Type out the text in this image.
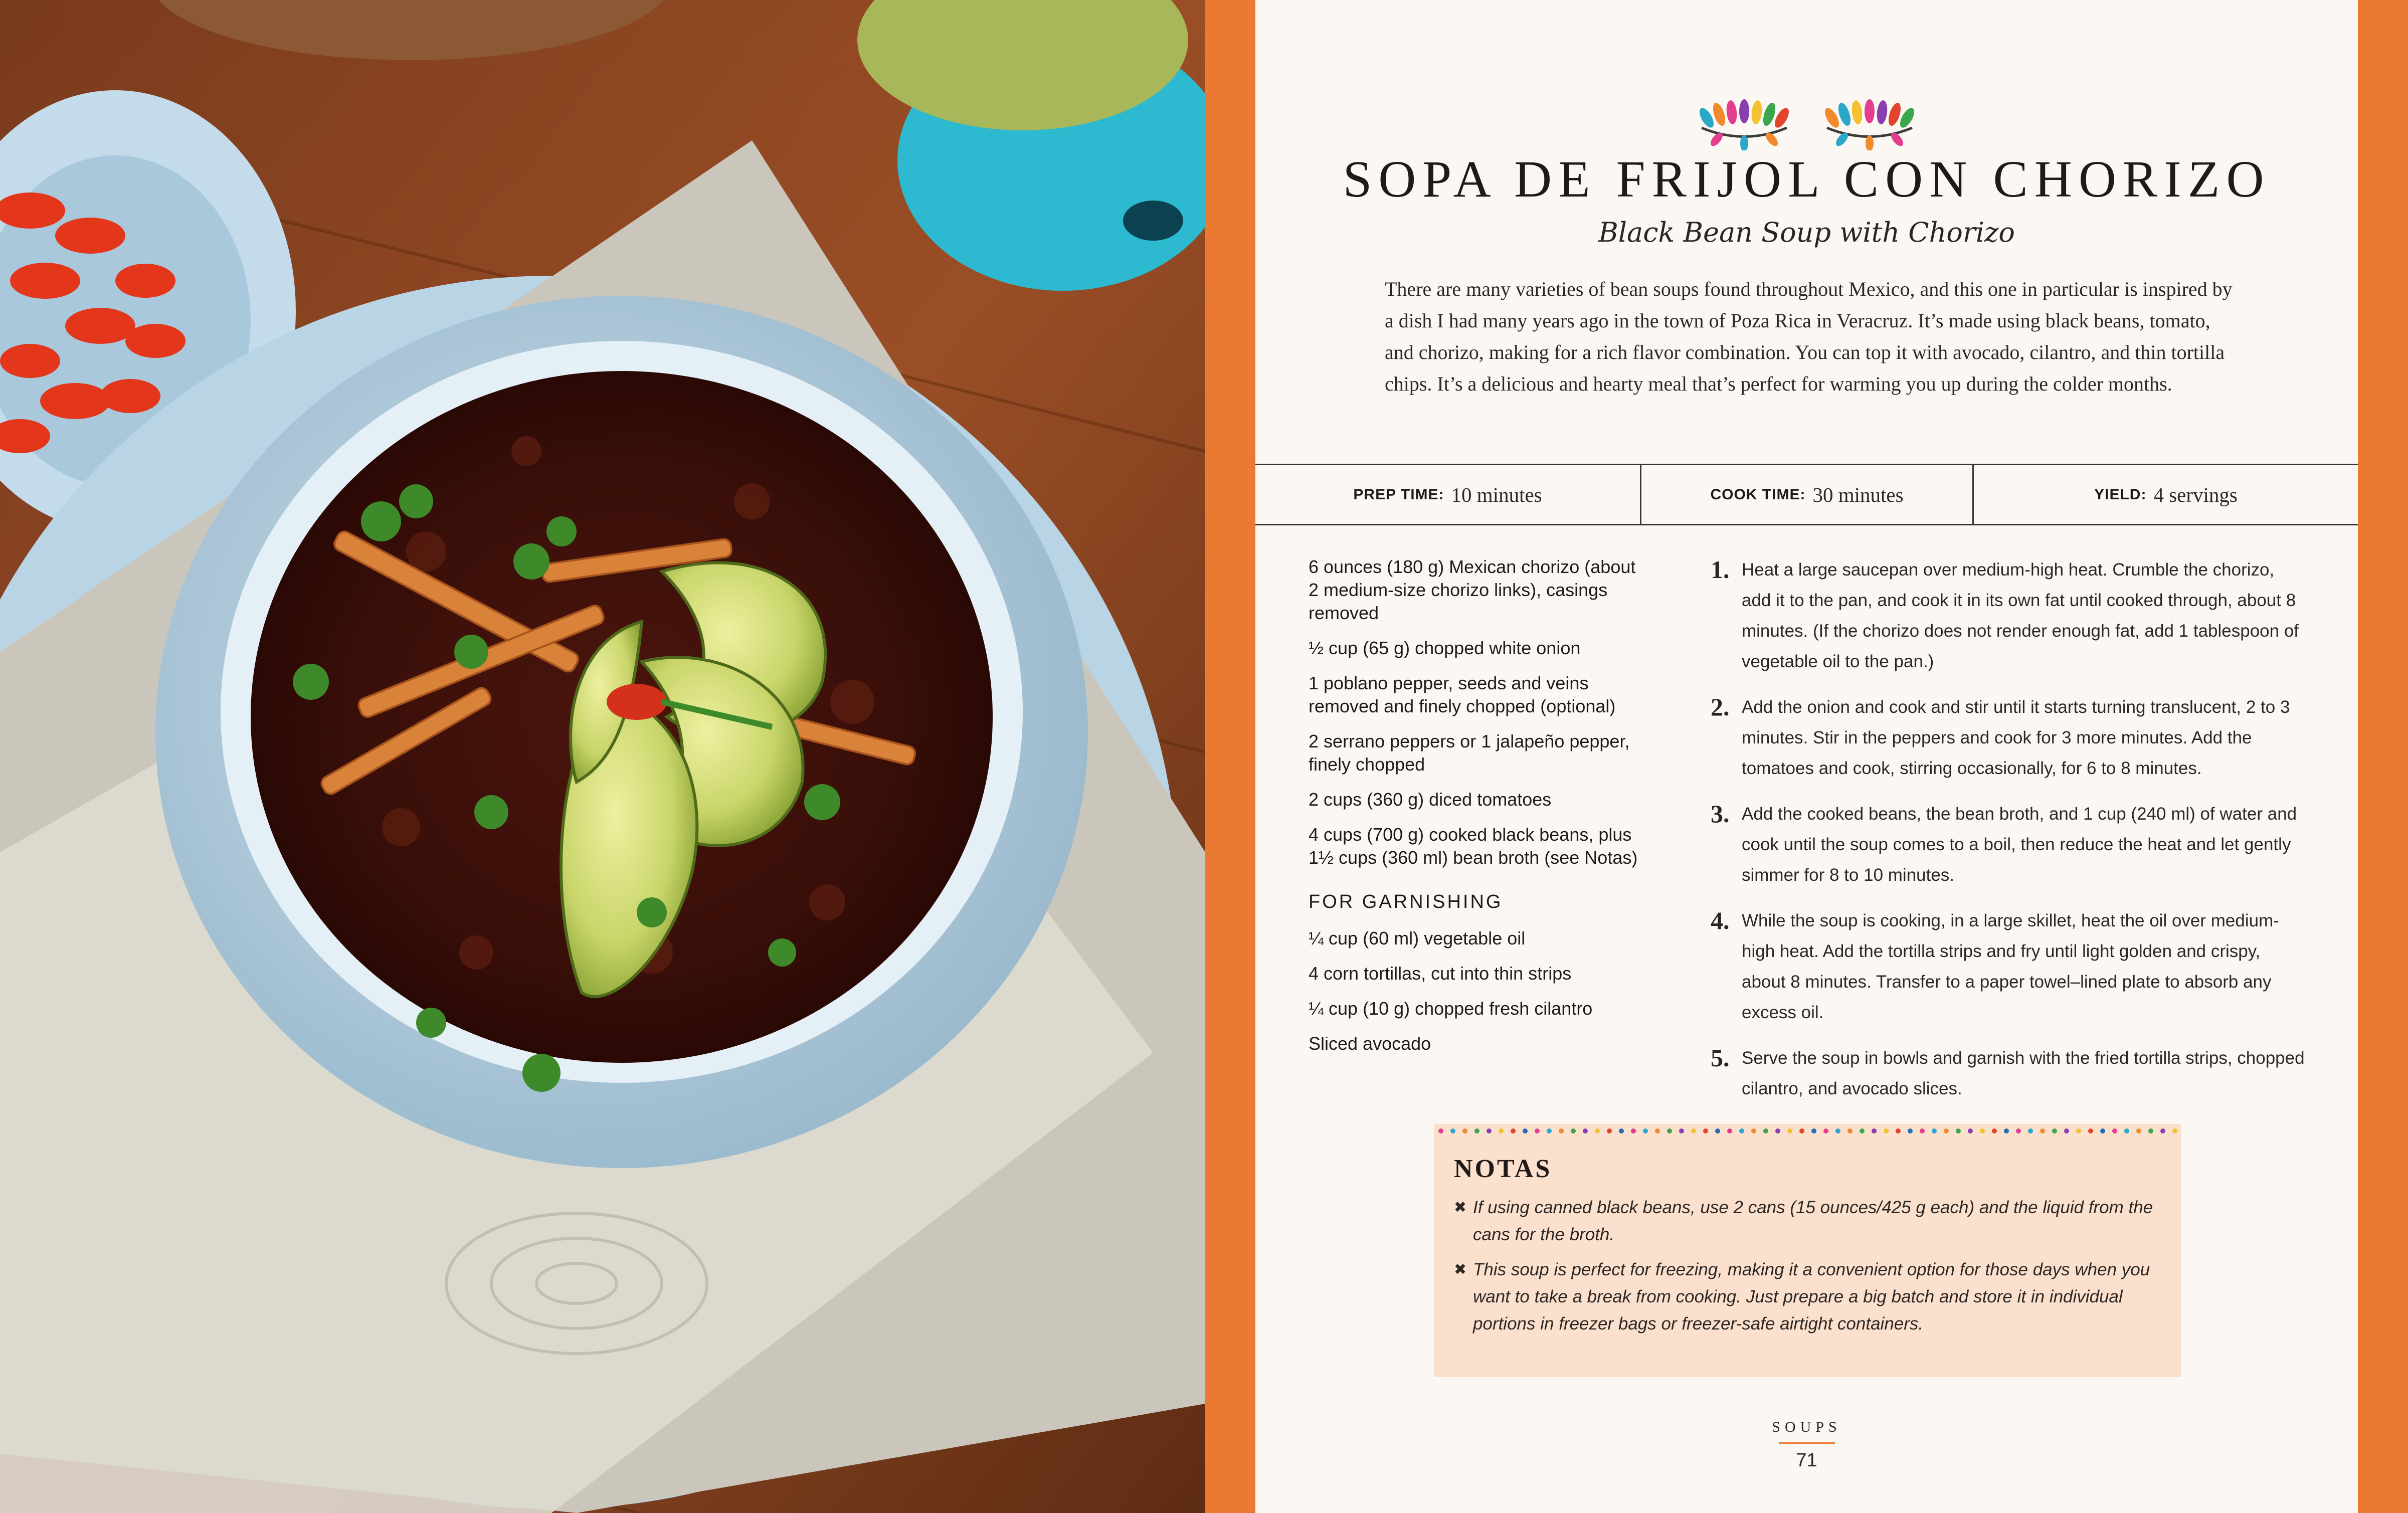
SOPA DE FRIJOL CON CHORIZO
Black Bean Soup with Chorizo

There are many varieties of bean soups found throughout Mexico, and this one in particular is inspired by a dish I had many years ago in the town of Poza Rica in Veracruz. It’s made using black beans, tomato, and chorizo, making for a rich flavor combination. You can top it with avocado, cilantro, and thin tortilla chips. It’s a delicious and hearty meal that’s perfect for warming you up during the colder months.

PREP TIME: 10 minutes	COOK TIME: 30 minutes	YIELD: 4 servings
6 ounces (180 g) Mexican chorizo (about 2 medium-size chorizo links), casings removed
½ cup (65 g) chopped white onion
1 poblano pepper, seeds and veins removed and finely chopped (optional)
2 serrano peppers or 1 jalapeño pepper, finely chopped
2 cups (360 g) diced tomatoes
4 cups (700 g) cooked black beans, plus 1½ cups (360 ml) bean broth (see Notas)
FOR GARNISHING
¼ cup (60 ml) vegetable oil
4 corn tortillas, cut into thin strips
¼ cup (10 g) chopped fresh cilantro
Sliced avocado
1. Heat a large saucepan over medium-high heat. Crumble the chorizo, add it to the pan, and cook it in its own fat until cooked through, about 8 minutes. (If the chorizo does not render enough fat, add 1 tablespoon of vegetable oil to the pan.)
2. Add the onion and cook and stir until it starts turning translucent, 2 to 3 minutes. Stir in the peppers and cook for 3 more minutes. Add the tomatoes and cook, stirring occasionally, for 6 to 8 minutes.
3. Add the cooked beans, the bean broth, and 1 cup (240 ml) of water and cook until the soup comes to a boil, then reduce the heat and let gently simmer for 8 to 10 minutes.
4. While the soup is cooking, in a large skillet, heat the oil over medium-high heat. Add the tortilla strips and fry until light golden and crispy, about 8 minutes. Transfer to a paper towel–lined plate to absorb any excess oil.
5. Serve the soup in bowls and garnish with the fried tortilla strips, chopped cilantro, and avocado slices.
NOTAS
✖ If using canned black beans, use 2 cans (15 ounces/425 g each) and the liquid from the cans for the broth.
✖ This soup is perfect for freezing, making it a convenient option for those days when you want to take a break from cooking. Just prepare a big batch and store it in individual portions in freezer bags or freezer-safe airtight containers.
SOUPS
71
